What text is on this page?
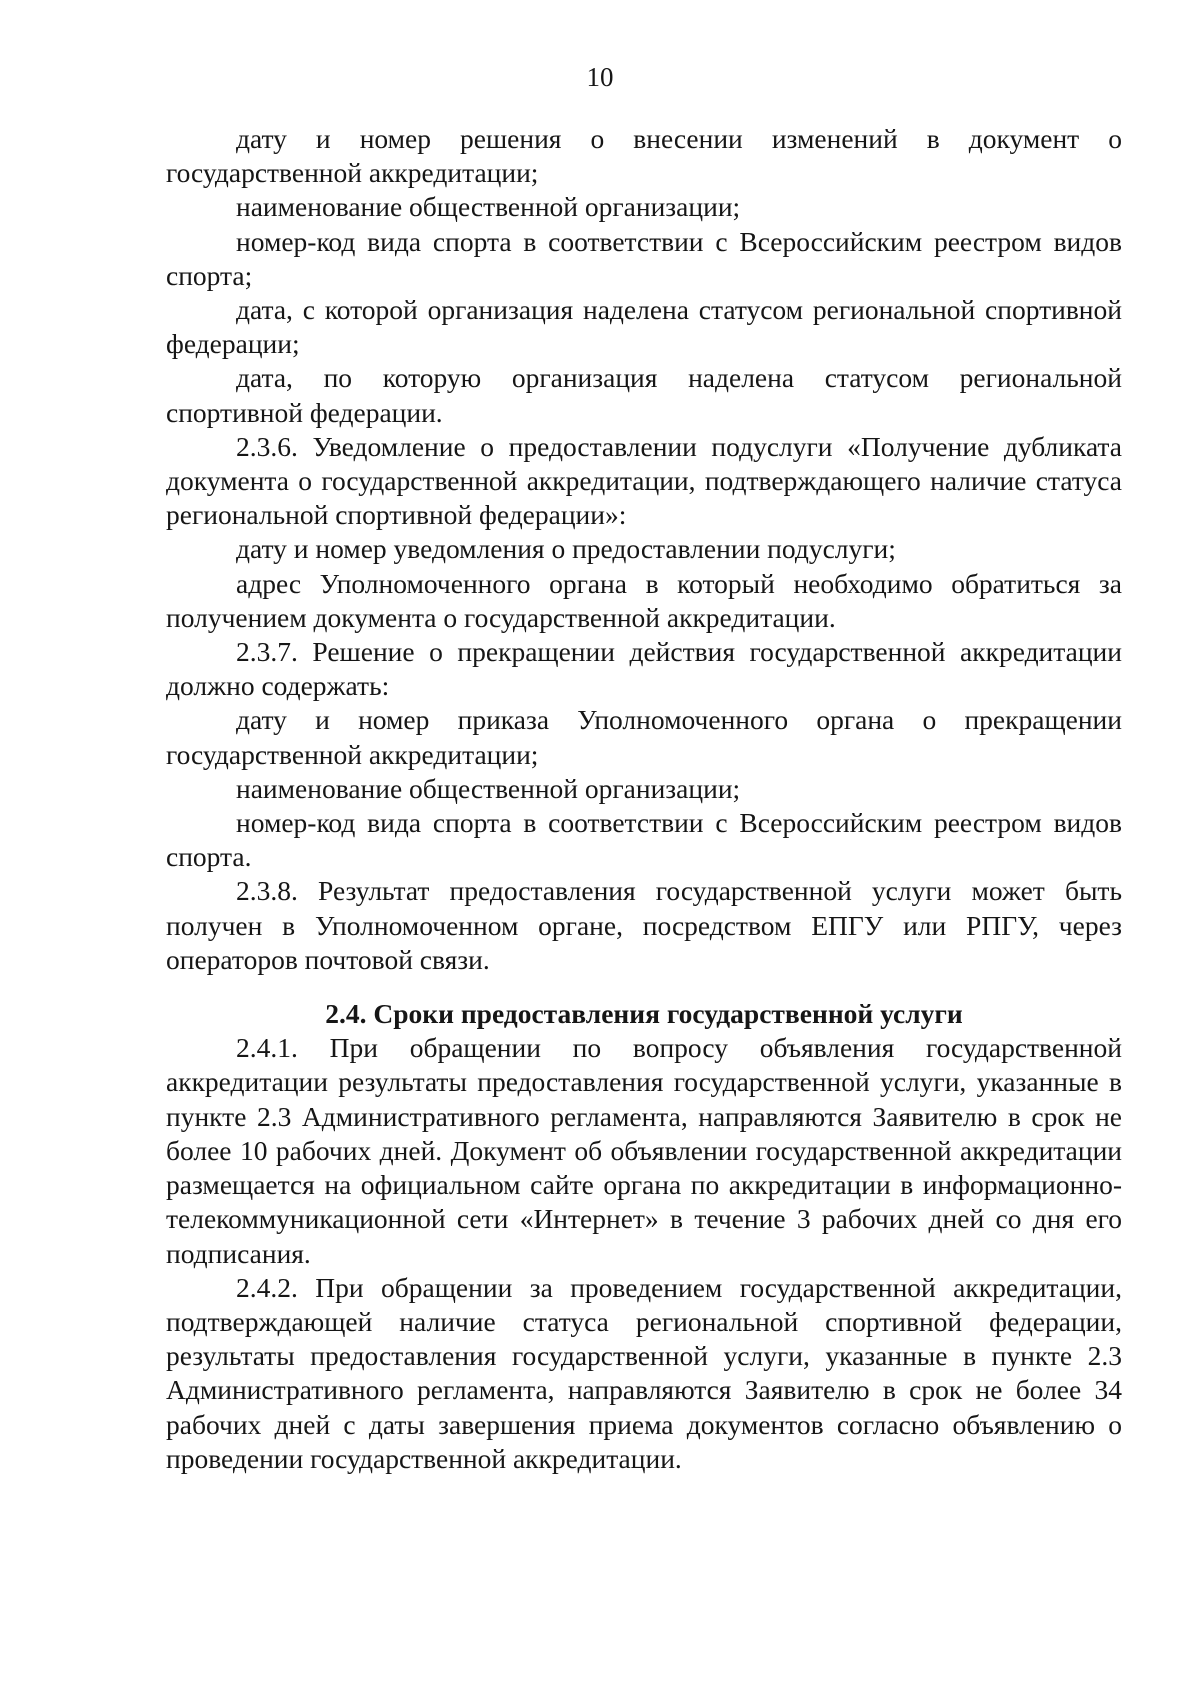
10

дату и номер решения о внесении изменений в документ о государственной аккредитации;

наименование общественной организации;

номер-код вида спорта в соответствии с Всероссийским реестром видов спорта;

дата, с которой организация наделена статусом региональной спортивной федерации;

дата, по которую организация наделена статусом региональной спортивной федерации.

2.3.6. Уведомление о предоставлении подуслуги «Получение дубликата документа о государственной аккредитации, подтверждающего наличие статуса региональной спортивной федерации»:

дату и номер уведомления о предоставлении подуслуги;

адрес Уполномоченного органа в который необходимо обратиться за получением документа о государственной аккредитации.

2.3.7. Решение о прекращении действия государственной аккредитации должно содержать:

дату и номер приказа Уполномоченного органа о прекращении государственной аккредитации;

наименование общественной организации;

номер-код вида спорта в соответствии с Всероссийским реестром видов спорта.

2.3.8. Результат предоставления государственной услуги может быть получен в Уполномоченном органе, посредством ЕПГУ или РПГУ, через операторов почтовой связи.

2.4. Сроки предоставления государственной услуги

2.4.1. При обращении по вопросу объявления государственной аккредитации результаты предоставления государственной услуги, указанные в пункте 2.3 Административного регламента, направляются Заявителю в срок не более 10 рабочих дней. Документ об объявлении государственной аккредитации размещается на официальном сайте органа по аккредитации в информационно-телекоммуникационной сети «Интернет» в течение 3 рабочих дней со дня его подписания.

2.4.2. При обращении за проведением государственной аккредитации, подтверждающей наличие статуса региональной спортивной федерации, результаты предоставления государственной услуги, указанные в пункте 2.3 Административного регламента, направляются Заявителю в срок не более 34 рабочих дней с даты завершения приема документов согласно объявлению о проведении государственной аккредитации.
